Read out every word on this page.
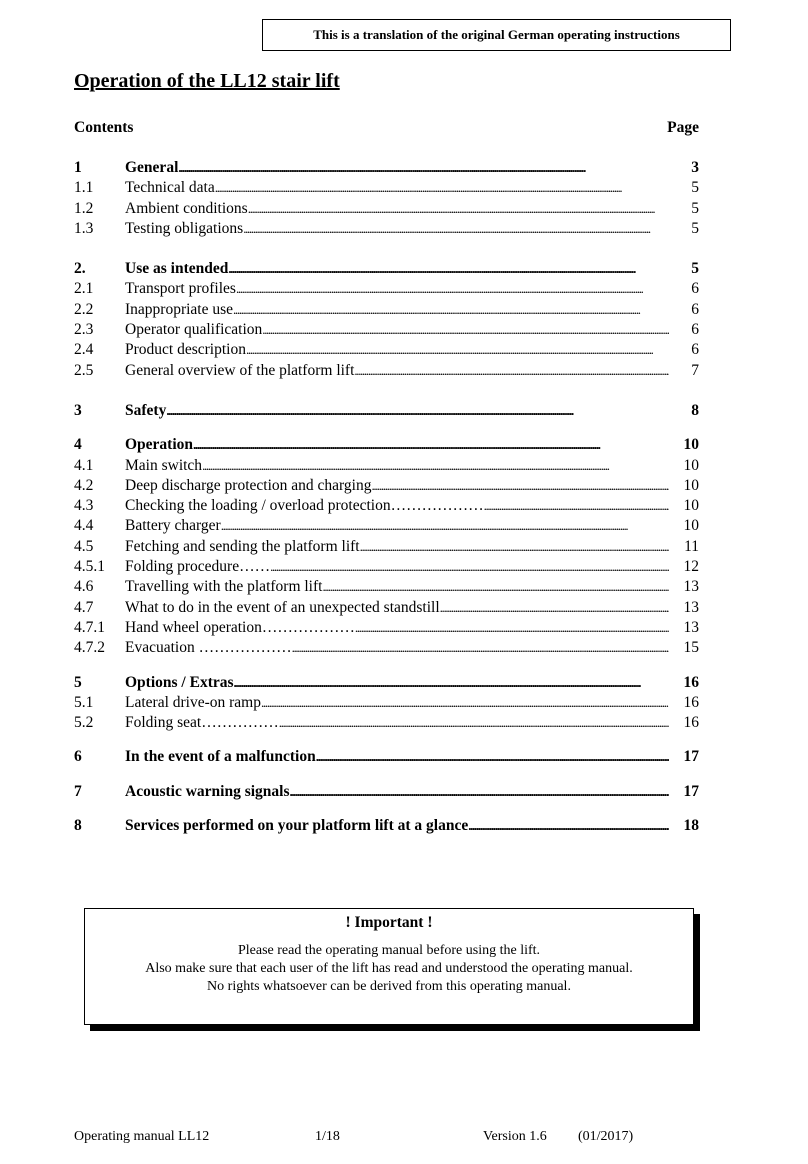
This is a translation of the original German operating instructions
Operation of the LL12 stair lift
Contents	Page
1	General . . .	3
1.1	Technical data . . .	5
1.2	Ambient conditions . . .	5
1.3	Testing obligations . . .	5
2.	Use as intended . . .	5
2.1	Transport profiles . . .	6
2.2	Inappropriate use . . .	6
2.3	Operator qualification . . .	6
2.4	Product description . . .	6
2.5	General overview of the platform lift . . .	7
3	Safety . . .	8
4	Operation . . .	10
4.1	Main switch . . .	10
4.2	Deep discharge protection and charging . . .	10
4.3	Checking the loading / overload protection……………… . . .	10
4.4	Battery charger . . .	10
4.5	Fetching and sending the platform lift . . .	11
4.5.1	Folding procedure…… . . .	12
4.6	Travelling with the platform lift . . .	13
4.7	What to do in the event of an unexpected standstill . . .	13
4.7.1	Hand wheel operation……………… . . .	13
4.7.2	Evacuation ……………… . . .	15
5	Options / Extras . . .	16
5.1	Lateral drive-on ramp . . .	16
5.2	Folding seat…………… . . .	16
6	In the event of a malfunction . . .	17
7	Acoustic warning signals . . .	17
8	Services performed on your platform lift at a glance . . .	18
! Important !
Please read the operating manual before using the lift.
Also make sure that each user of the lift has read and understood the operating manual.
No rights whatsoever can be derived from this operating manual.
Operating manual LL12	1/18	Version 1.6 (01/2017)
